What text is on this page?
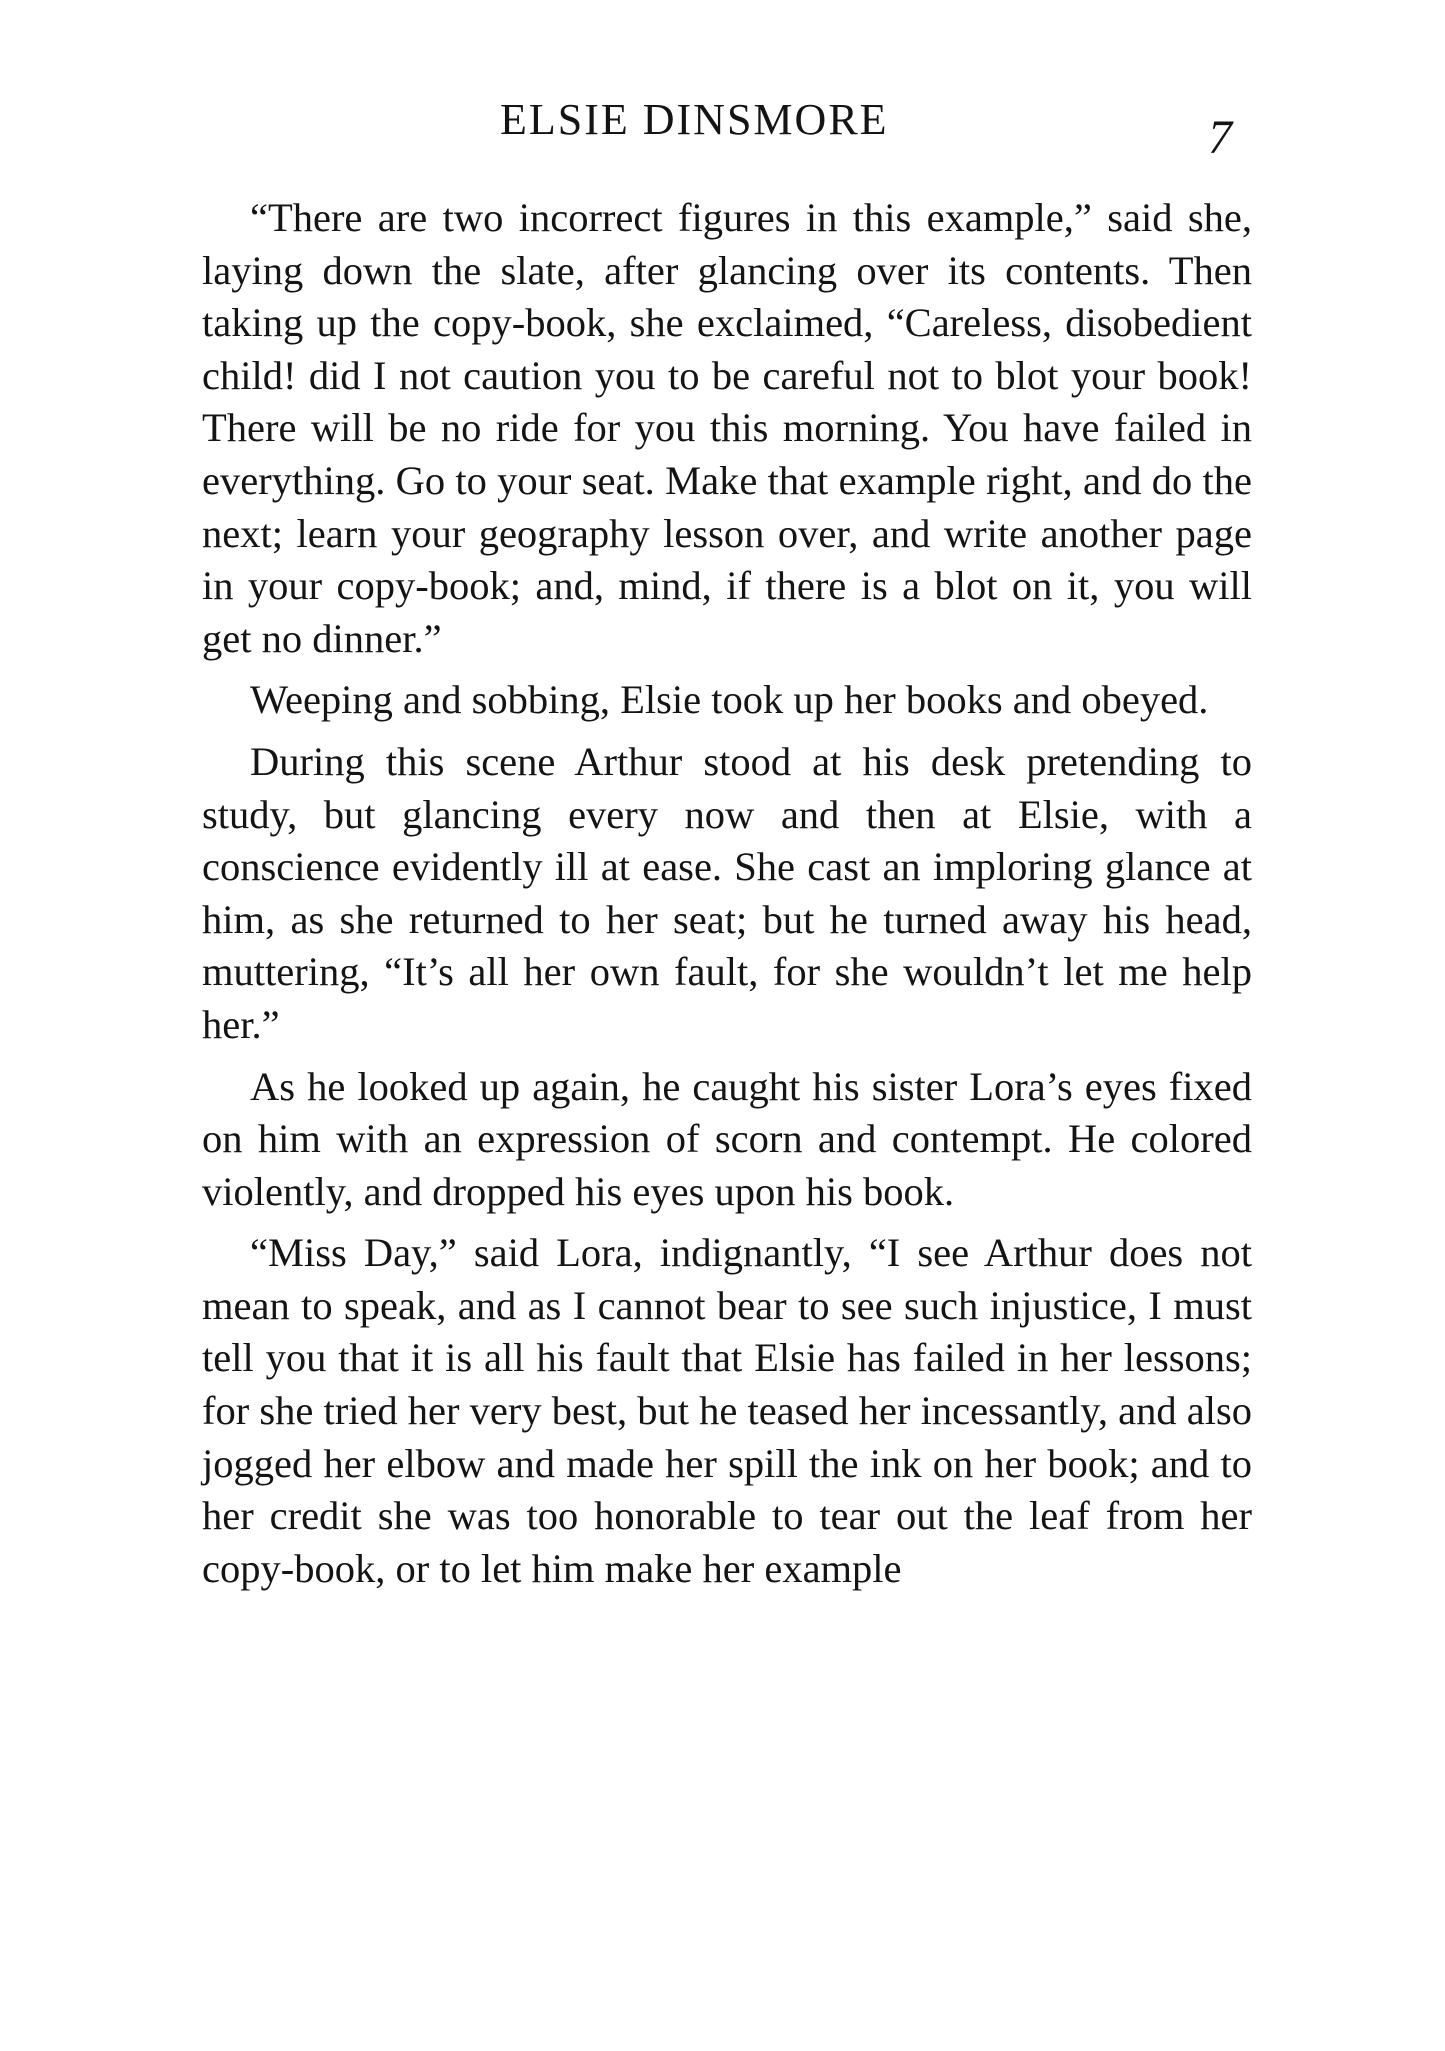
ELSIE DINSMORE	7

“There are two incorrect figures in this example,” said she, laying down the slate, after glancing over its contents. Then taking up the copy-book, she exclaimed, “Careless, disobedient child! did I not caution you to be careful not to blot your book! There will be no ride for you this morning. You have failed in everything. Go to your seat. Make that example right, and do the next; learn your geography lesson over, and write another page in your copy-book; and, mind, if there is a blot on it, you will get no dinner.”

Weeping and sobbing, Elsie took up her books and obeyed.

During this scene Arthur stood at his desk pretending to study, but glancing every now and then at Elsie, with a conscience evidently ill at ease. She cast an imploring glance at him, as she returned to her seat; but he turned away his head, muttering, “It’s all her own fault, for she wouldn’t let me help her.”

As he looked up again, he caught his sister Lora’s eyes fixed on him with an expression of scorn and contempt. He colored violently, and dropped his eyes upon his book.

“Miss Day,” said Lora, indignantly, “I see Arthur does not mean to speak, and as I cannot bear to see such injustice, I must tell you that it is all his fault that Elsie has failed in her lessons; for she tried her very best, but he teased her incessantly, and also jogged her elbow and made her spill the ink on her book; and to her credit she was too honorable to tear out the leaf from her copy-book, or to let him make her example
